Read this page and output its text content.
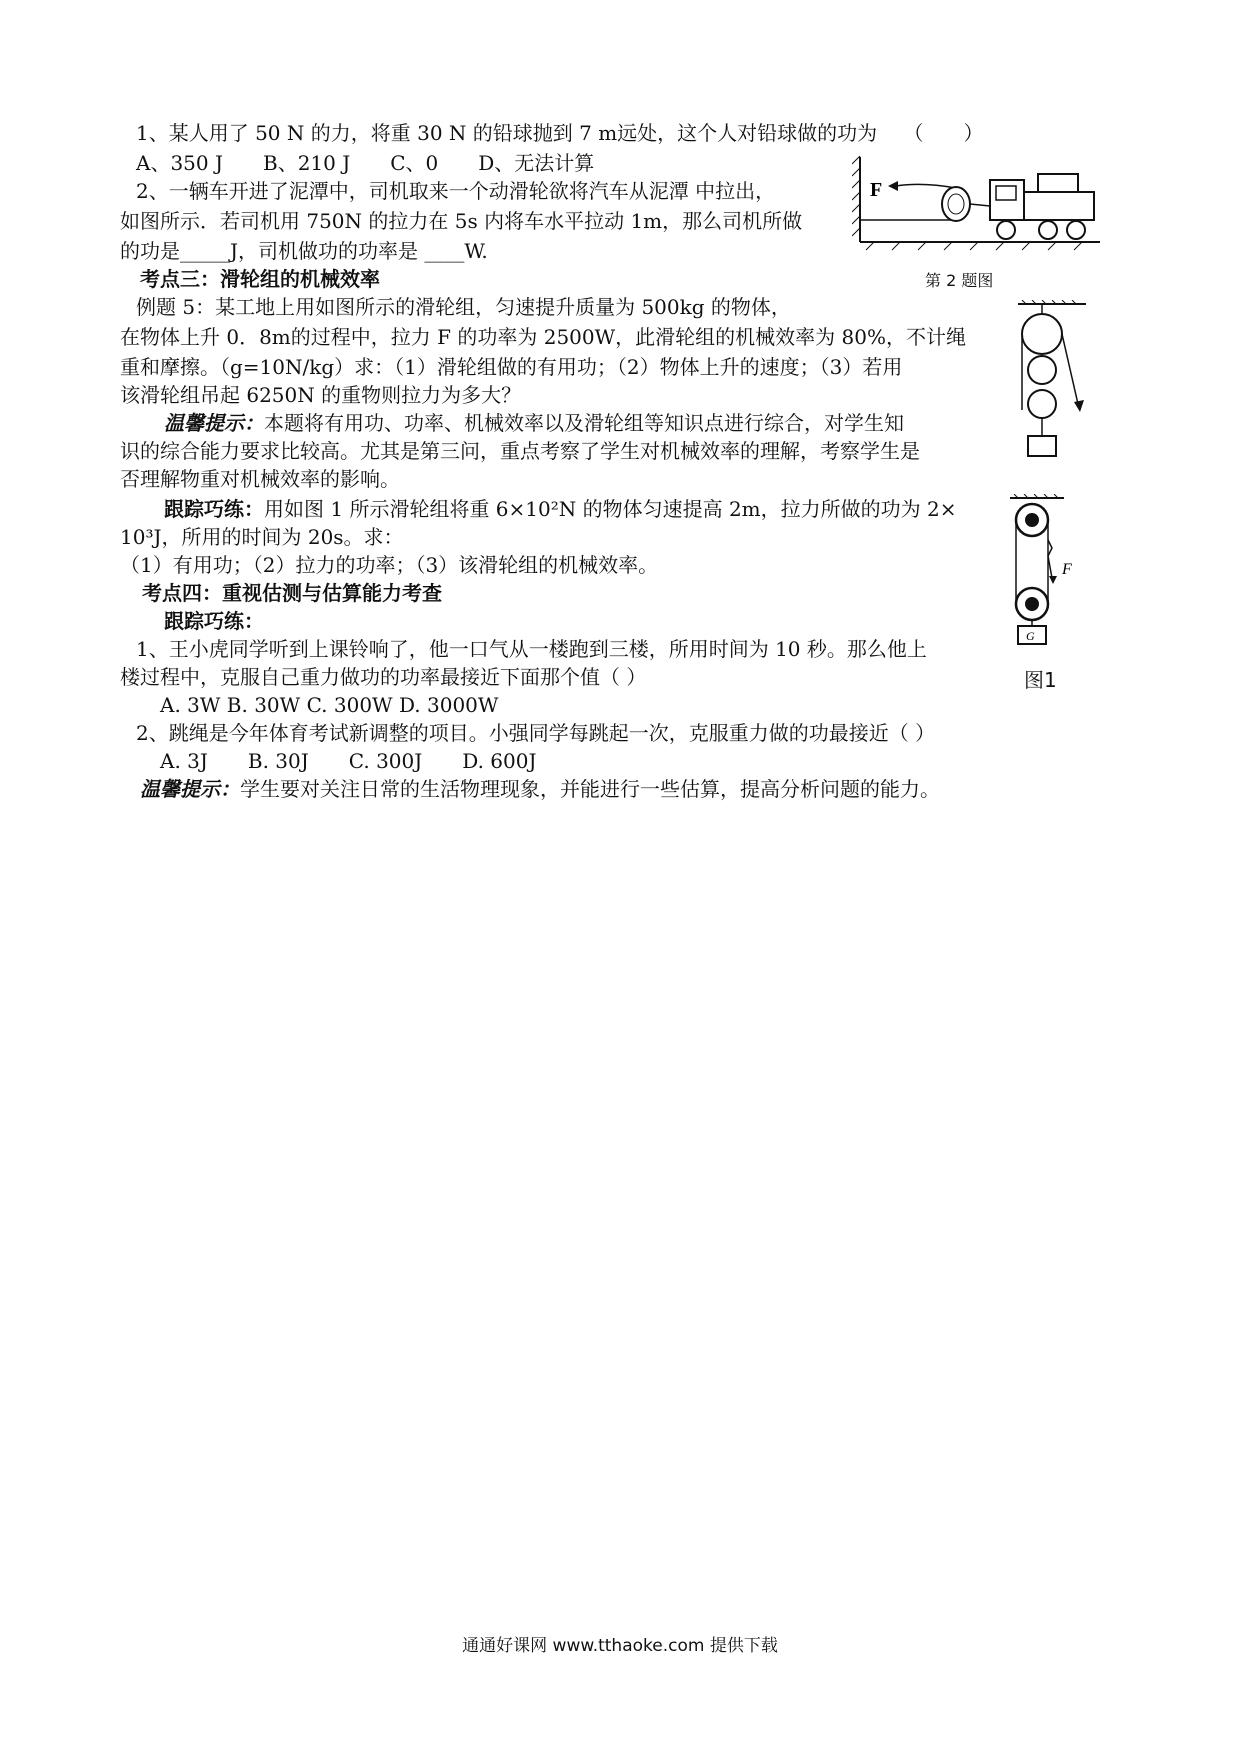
1、某人用了 50 N 的力，将重 30 N 的铅球抛到 7 m远处，这个人对铅球做的功为　 （　　）
A、350 J　　B、210 J　　C、0　　D、无法计算
2、一辆车开进了泥潭中，司机取来一个动滑轮欲将汽车从泥潭 中拉出，
如图所示．若司机用 750N 的拉力在 5s 内将车水平拉动 1m，那么司机所做
的功是_____J，司机做功的功率是 ____W.
F
第 2 题图
考点三：滑轮组的机械效率
例题 5：某工地上用如图所示的滑轮组，匀速提升质量为 500kg 的物体，
在物体上升 0．8m的过程中，拉力 F 的功率为 2500W，此滑轮组的机械效率为 80%，不计绳
重和摩擦。（g=10N/kg）求：（1）滑轮组做的有用功；（2）物体上升的速度；（3）若用
该滑轮组吊起 6250N 的重物则拉力为多大？
温馨提示：本题将有用功、功率、机械效率以及滑轮组等知识点进行综合，对学生知
识的综合能力要求比较高。尤其是第三问，重点考察了学生对机械效率的理解，考察学生是
否理解物重对机械效率的影响。
跟踪巧练：用如图 1 所示滑轮组将重 6×10²N 的物体匀速提高 2m，拉力所做的功为 2×
10³J，所用的时间为 20s。求：
（1）有用功；（2）拉力的功率；（3）该滑轮组的机械效率。	F
G
图1
考点四：重视估测与估算能力考查
跟踪巧练：
1、王小虎同学听到上课铃响了，他一口气从一楼跑到三楼，所用时间为 10 秒。那么他上
楼过程中，克服自己重力做功的功率最接近下面那个值（ ）
A. 3W B. 30W C. 300W D. 3000W
2、跳绳是今年体育考试新调整的项目。小强同学每跳起一次，克服重力做的功最接近（ ）
A. 3J　　B. 30J　　C. 300J　　D. 600J
温馨提示：学生要对关注日常的生活物理现象，并能进行一些估算，提高分析问题的能力。
通通好课网 www.tthaoke.com 提供下载
